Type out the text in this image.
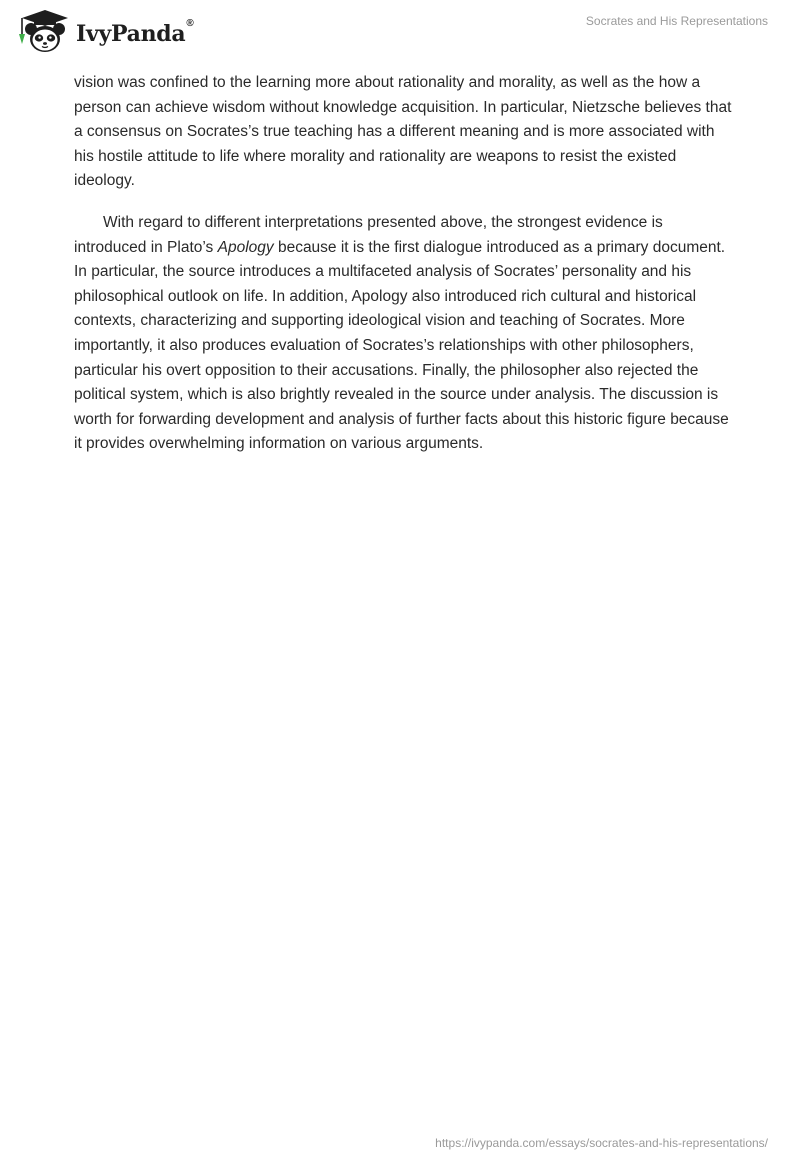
IvyPanda®	Socrates and His Representations

vision was confined to the learning more about rationality and morality, as well as the how a person can achieve wisdom without knowledge acquisition. In particular, Nietzsche believes that a consensus on Socrates’s true teaching has a different meaning and is more associated with his hostile attitude to life where morality and rationality are weapons to resist the existed ideology.

With regard to different interpretations presented above, the strongest evidence is introduced in Plato’s Apology because it is the first dialogue introduced as a primary document. In particular, the source introduces a multifaceted analysis of Socrates’ personality and his philosophical outlook on life. In addition, Apology also introduced rich cultural and historical contexts, characterizing and supporting ideological vision and teaching of Socrates. More importantly, it also produces evaluation of Socrates’s relationships with other philosophers, particular his overt opposition to their accusations. Finally, the philosopher also rejected the political system, which is also brightly revealed in the source under analysis. The discussion is worth for forwarding development and analysis of further facts about this historic figure because it provides overwhelming information on various arguments.

https://ivypanda.com/essays/socrates-and-his-representations/
